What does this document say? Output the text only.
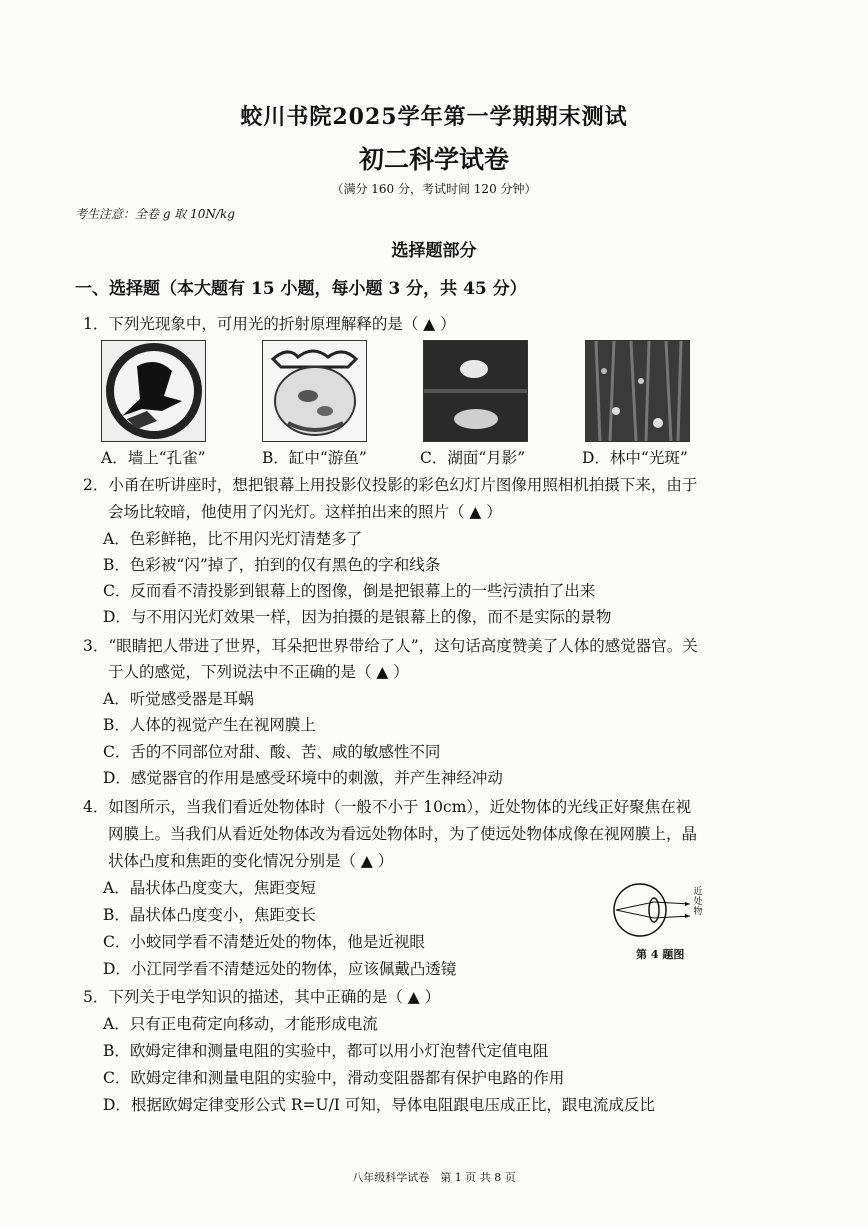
蛟川书院2025学年第一学期期末测试
初二科学试卷
（满分 160 分，考试时间 120 分钟）
考生注意：全卷 g 取 10N/kg
选择题部分
一、选择题（本大题有 15 小题，每小题 3 分，共 45 分）
1．下列光现象中，可用光的折射原理解释的是（ ▲ ）
A．墙上“孔雀”	B．缸中“游鱼”	C．湖面“月影”	D．林中“光斑”
2．小甬在听讲座时，想把银幕上用投影仪投影的彩色幻灯片图像用照相机拍摄下来，由于
会场比较暗，他使用了闪光灯。这样拍出来的照片（ ▲ ）
A．色彩鲜艳，比不用闪光灯清楚多了
B．色彩被“闪”掉了，拍到的仅有黑色的字和线条
C．反而看不清投影到银幕上的图像，倒是把银幕上的一些污渍拍了出来
D．与不用闪光灯效果一样，因为拍摄的是银幕上的像，而不是实际的景物
3．“眼睛把人带进了世界，耳朵把世界带给了人”，这句话高度赞美了人体的感觉器官。关
于人的感觉，下列说法中不正确的是（ ▲ ）
A．听觉感受器是耳蜗
B．人体的视觉产生在视网膜上
C．舌的不同部位对甜、酸、苦、咸的敏感性不同
D．感觉器官的作用是感受环境中的刺激，并产生神经冲动
4．如图所示，当我们看近处物体时（一般不小于 10cm），近处物体的光线正好聚焦在视
网膜上。当我们从看近处物体改为看远处物体时，为了使远处物体成像在视网膜上，晶
状体凸度和焦距的变化情况分别是（ ▲ ）
A．晶状体凸度变大，焦距变短
B．晶状体凸度变小，焦距变长
C．小蛟同学看不清楚近处的物体，他是近视眼
D．小江同学看不清楚远处的物体，应该佩戴凸透镜
近处物
第 4 题图
5．下列关于电学知识的描述，其中正确的是（ ▲ ）
A．只有正电荷定向移动，才能形成电流
B．欧姆定律和测量电阻的实验中，都可以用小灯泡替代定值电阻
C．欧姆定律和测量电阻的实验中，滑动变阻器都有保护电路的作用
D．根据欧姆定律变形公式 R=U/I 可知，导体电阻跟电压成正比，跟电流成反比
八年级科学试卷　第 1 页 共 8 页
